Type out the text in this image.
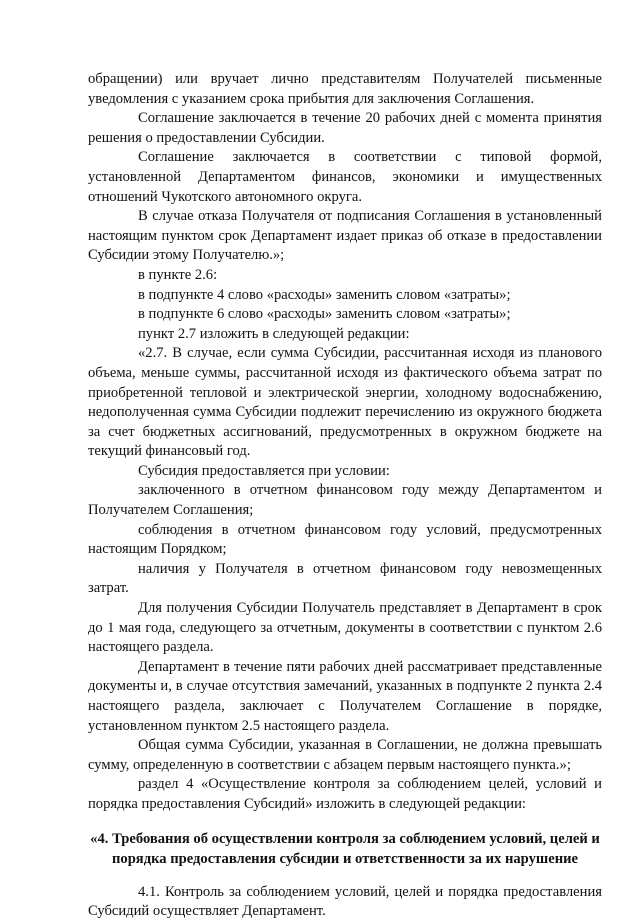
обращении) или вручает лично представителям Получателей письменные уведомления с указанием срока прибытия для заключения Соглашения.

Соглашение заключается в течение 20 рабочих дней с момента принятия решения о предоставлении Субсидии.

Соглашение заключается в соответствии с типовой формой, установленной Департаментом финансов, экономики и имущественных отношений Чукотского автономного округа.

В случае отказа Получателя от подписания Соглашения в установленный настоящим пунктом срок Департамент издает приказ об отказе в предоставлении Субсидии этому Получателю.»;

в пункте 2.6:

в подпункте 4 слово «расходы» заменить словом «затраты»;

в подпункте 6 слово «расходы» заменить словом «затраты»;

пункт 2.7 изложить в следующей редакции:

«2.7. В случае, если сумма Субсидии, рассчитанная исходя из планового объема, меньше суммы, рассчитанной исходя из фактического объема затрат по приобретенной тепловой и электрической энергии, холодному водоснабжению, недополученная сумма Субсидии подлежит перечислению из окружного бюджета за счет бюджетных ассигнований, предусмотренных в окружном бюджете на текущий финансовый год.

Субсидия предоставляется при условии:

заключенного в отчетном финансовом году между Департаментом и Получателем Соглашения;

соблюдения в отчетном финансовом году условий, предусмотренных настоящим Порядком;

наличия у Получателя в отчетном финансовом году невозмещенных затрат.

Для получения Субсидии Получатель представляет в Департамент в срок до 1 мая года, следующего за отчетным, документы в соответствии с пунктом 2.6 настоящего раздела.

Департамент в течение пяти рабочих дней рассматривает представленные документы и, в случае отсутствия замечаний, указанных в подпункте 2 пункта 2.4 настоящего раздела, заключает с Получателем Соглашение в порядке, установленном пунктом 2.5 настоящего раздела.

Общая сумма Субсидии, указанная в Соглашении, не должна превышать сумму, определенную в соответствии с абзацем первым настоящего пункта.»;

раздел 4 «Осуществление контроля за соблюдением целей, условий и порядка предоставления Субсидий» изложить в следующей редакции:

«4. Требования об осуществлении контроля за соблюдением условий, целей и порядка предоставления субсидии и ответственности за их нарушение

4.1. Контроль за соблюдением условий, целей и порядка предоставления Субсидий осуществляет Департамент.
